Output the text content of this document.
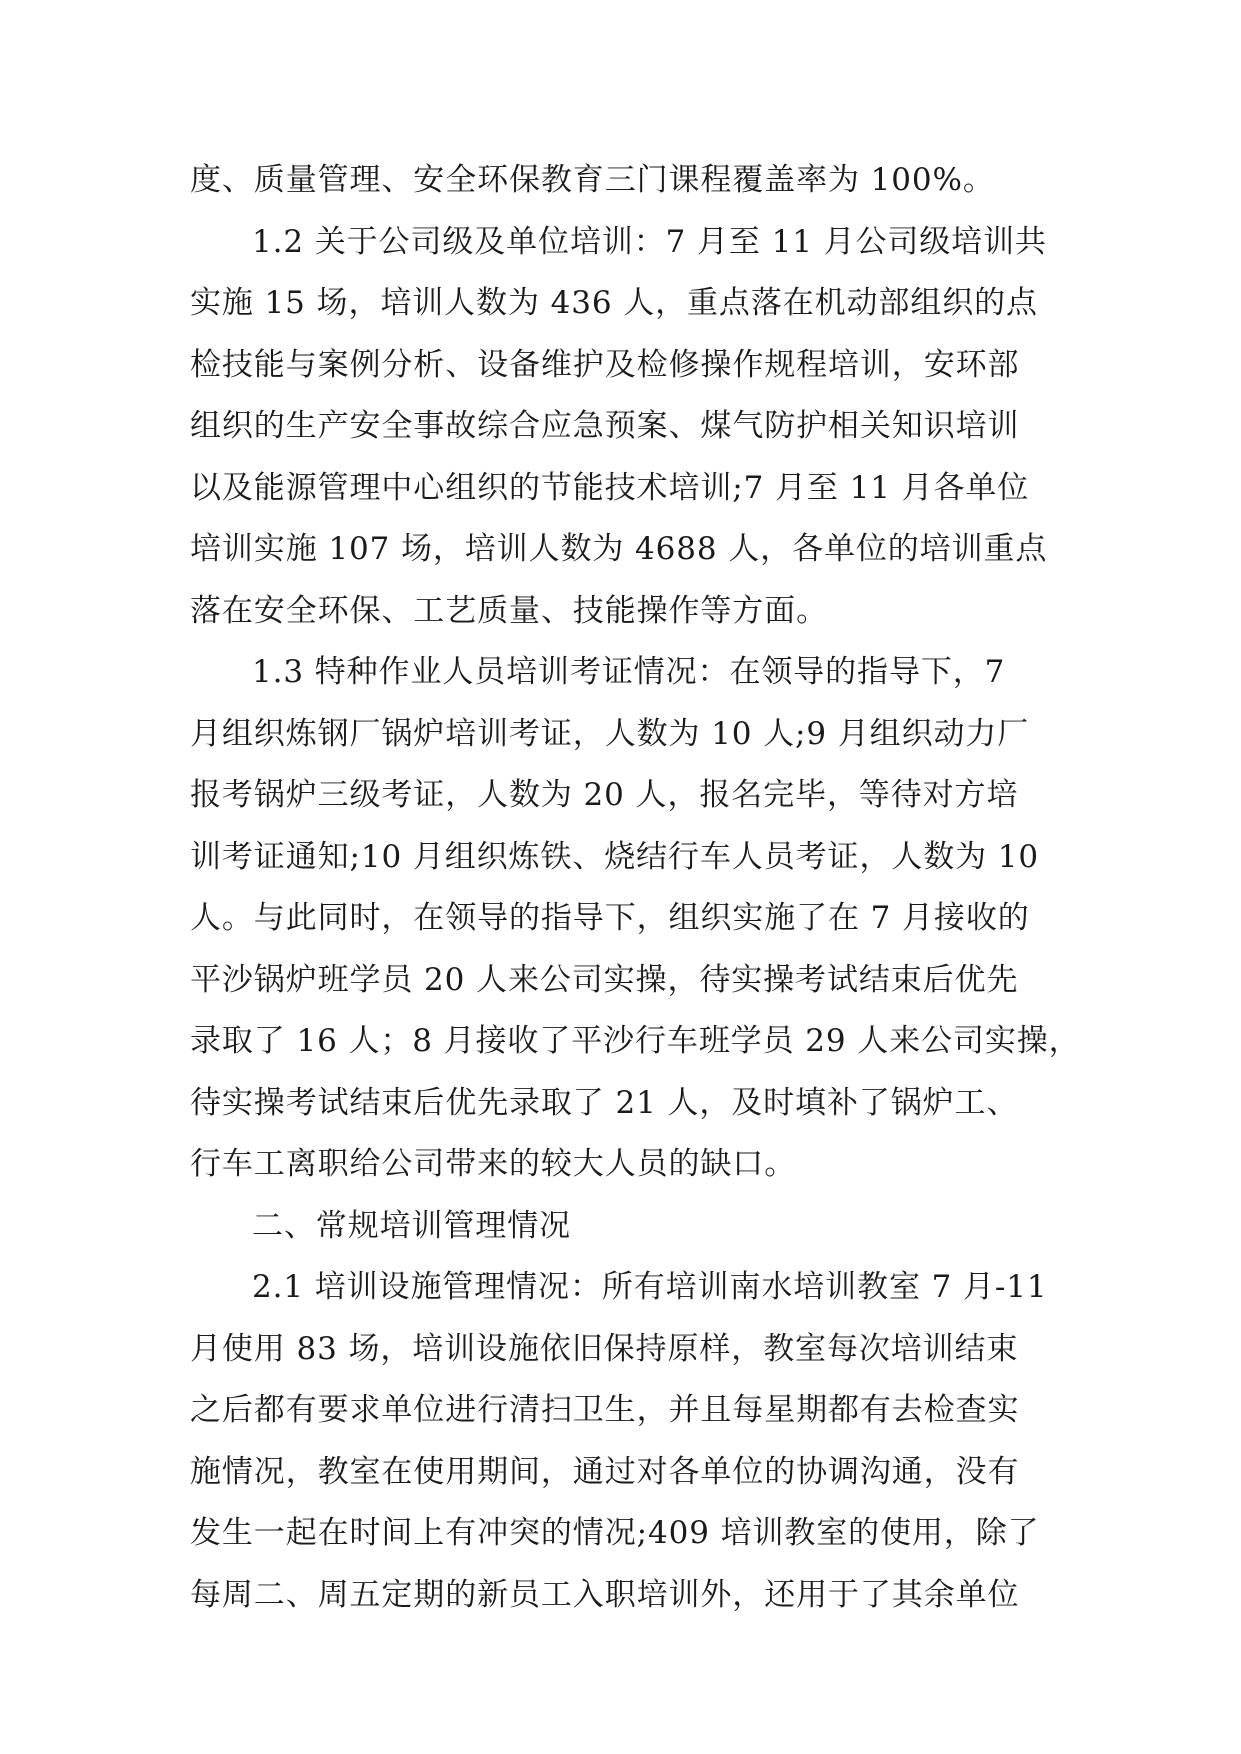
度、质量管理、安全环保教育三门课程覆盖率为 100%。
1.2 关于公司级及单位培训：7 月至 11 月公司级培训共
实施 15 场，培训人数为 436 人，重点落在机动部组织的点
检技能与案例分析、设备维护及检修操作规程培训，安环部
组织的生产安全事故综合应急预案、煤气防护相关知识培训
以及能源管理中心组织的节能技术培训;7 月至 11 月各单位
培训实施 107 场，培训人数为 4688 人，各单位的培训重点
落在安全环保、工艺质量、技能操作等方面。
1.3 特种作业人员培训考证情况：在领导的指导下，7
月组织炼钢厂锅炉培训考证，人数为 10 人;9 月组织动力厂
报考锅炉三级考证，人数为 20 人，报名完毕，等待对方培
训考证通知;10 月组织炼铁、烧结行车人员考证，人数为 10
人。与此同时，在领导的指导下，组织实施了在 7 月接收的
平沙锅炉班学员 20 人来公司实操，待实操考试结束后优先
录取了 16 人；8 月接收了平沙行车班学员 29 人来公司实操，
待实操考试结束后优先录取了 21 人，及时填补了锅炉工、
行车工离职给公司带来的较大人员的缺口。
二、常规培训管理情况
2.1 培训设施管理情况：所有培训南水培训教室 7 月-11
月使用 83 场，培训设施依旧保持原样，教室每次培训结束
之后都有要求单位进行清扫卫生，并且每星期都有去检查实
施情况，教室在使用期间，通过对各单位的协调沟通，没有
发生一起在时间上有冲突的情况;409 培训教室的使用，除了
每周二、周五定期的新员工入职培训外，还用于了其余单位
